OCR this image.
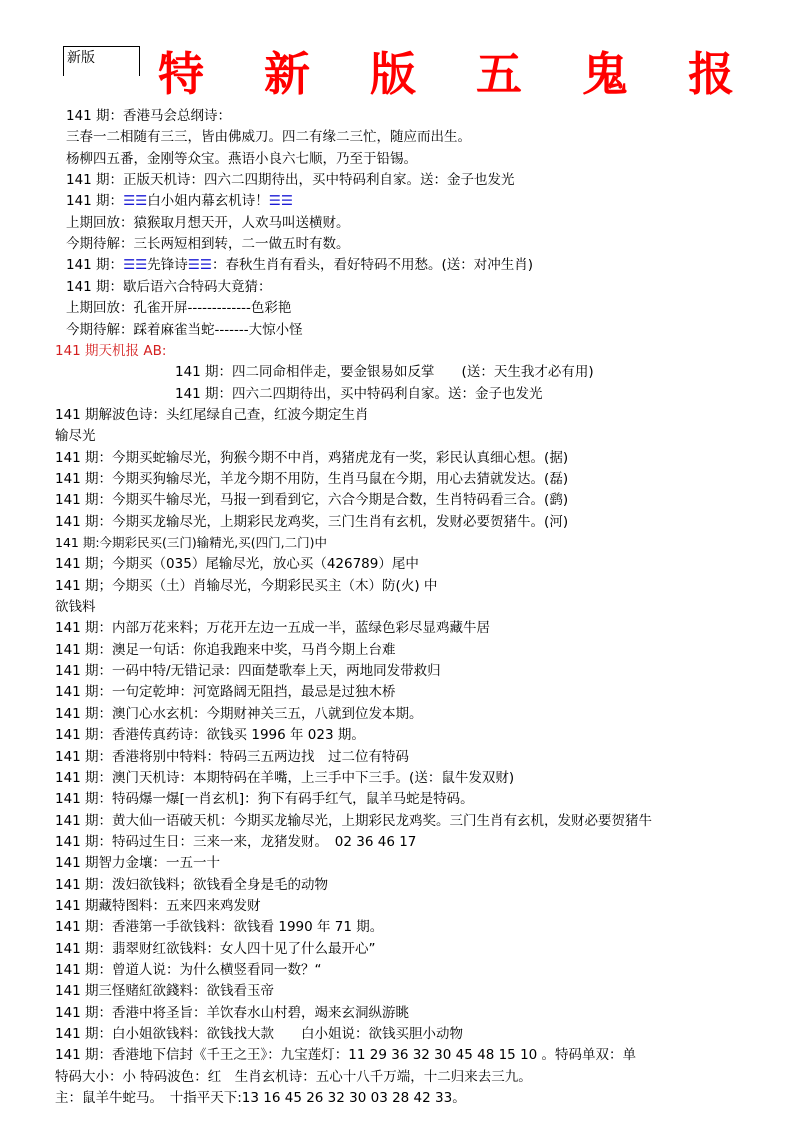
新版	特 新 版 五 鬼 报
141 期：香港马会总纲诗：
三春一二相随有三三，皆由佛威刀。四二有缘二三忙，随应而出生。
杨柳四五番，金刚等众宝。燕语小良六七顺，乃至于铅锡。
141 期：正版天机诗：四六二四期待出，买中特码利自家。送：金子也发光
141 期：☰☰白小姐内幕玄机诗！☰☰
上期回放：猿猴取月想天开，人欢马叫送横财。
今期待解：三长两短相到转，二一做五时有数。
141 期：☰☰先锋诗☰☰：春秋生肖有看头，看好特码不用愁。(送：对冲生肖)
141 期：歇后语六合特码大竟猜：
上期回放：孔雀开屏-------------色彩艳
今期待解：踩着麻雀当蛇-------大惊小怪
141 期天机报 AB:
141 期：四二同命相伴走，要金银易如反掌　　(送：天生我才必有用)
141 期：四六二四期待出，买中特码利自家。送：金子也发光
141 期解波色诗：头红尾绿自己查，红波今期定生肖
输尽光
141 期：今期买蛇输尽光，狗猴今期不中肖，鸡猪虎龙有一奖，彩民认真细心想。(据)
141 期：今期买狗输尽光，羊龙今期不用防，生肖马鼠在今期，用心去猜就发达。(磊)
141 期：今期买牛输尽光，马报一到看到它，六合今期是合数，生肖特码看三合。(鹞)
141 期：今期买龙输尽光，上期彩民龙鸡奖，三门生肖有玄机，发财必要贺猪牛。(河)
141 期:今期彩民买(三门)输精光,买(四门,二门)中
141 期；今期买（035）尾输尽光，放心买（426789）尾中
141 期；今期买（土）肖输尽光，今期彩民买主（木）防(火) 中
欲钱料
141 期：内部万花来料；万花开左边一五成一半，蓝绿色彩尽显鸡藏牛居
141 期：澳足一句话：你追我跑来中奖，马肖今期上台难
141 期：一码中特/无错记录：四面楚歌奉上天，两地同发带救归
141 期：一句定乾坤：河宽路阔无阻挡，最忌是过独木桥
141 期：澳门心水玄机：今期财神关三五，八就到位发本期。
141 期：香港传真药诗：欲钱买 1996 年 023 期。
141 期：香港将别中特料：特码三五两边找　过二位有特码
141 期：澳门天机诗：本期特码在羊嘴，上三手中下三手。(送：鼠牛发双财)
141 期：特码爆一爆[一肖玄机]：狗下有码手红气，鼠羊马蛇是特码。
141 期：黄大仙一语破天机：今期买龙输尽光，上期彩民龙鸡奖。三门生肖有玄机，发财必要贺猪牛
141 期：特码过生日：三来一来，龙猪发财。　02 36 46 17
141 期智力金壤：一五一十
141 期：泼妇欲钱料；欲钱看全身是毛的动物
141 期藏特图料：五来四来鸡发财
141 期：香港第一手欲钱料：欲钱看 1990 年 71 期。
141 期：翡翠财红欲钱料：女人四十见了什么最开心”
141 期：曾道人说：为什么横竖看同一数？“
141 期三怪赌紅欲錢料：欲钱看玉帝
141 期：香港中将圣旨：羊饮春水山村碧，竭来玄洞纵游眺
141 期：白小姐欲钱料：欲钱找大款　　白小姐说：欲钱买胆小动物
141 期：香港地下信封《千王之王》：九宝莲灯：11 29 36 32 30 45 48 15 10 。特码单双：单
特码大小：小 特码波色：红　生肖玄机诗：五心十八千万端，十二归来去三九。
主：鼠羊牛蛇马。　十指平天下:13 16 45 26 32 30 03 28 42 33。
